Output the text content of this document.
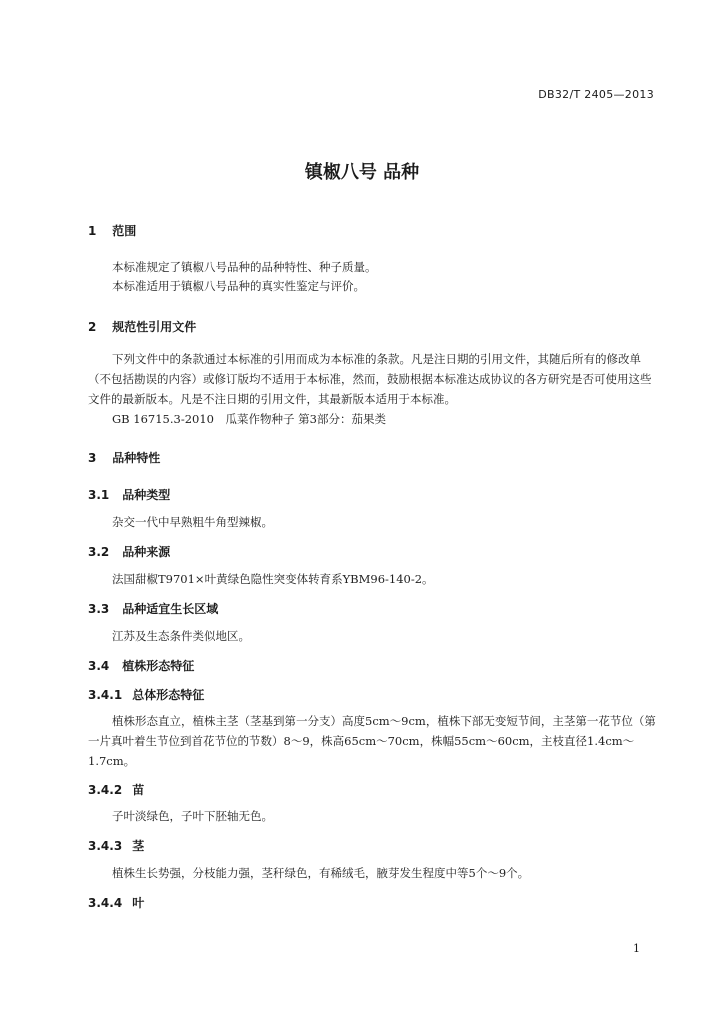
DB32/T 2405—2013
镇椒八号 品种
1 范围
本标准规定了镇椒八号品种的品种特性、种子质量。
本标准适用于镇椒八号品种的真实性鉴定与评价。
2 规范性引用文件
下列文件中的条款通过本标准的引用而成为本标准的条款。凡是注日期的引用文件，其随后所有的修改单（不包括勘误的内容）或修订版均不适用于本标准，然而，鼓励根据本标准达成协议的各方研究是否可使用这些文件的最新版本。凡是不注日期的引用文件，其最新版本适用于本标准。
GB 16715.3-2010　瓜菜作物种子 第3部分：茄果类
3 品种特性
3.1 品种类型
杂交一代中早熟粗牛角型辣椒。
3.2 品种来源
法国甜椒T9701×叶黄绿色隐性突变体转育系YBM96-140-2。
3.3 品种适宜生长区域
江苏及生态条件类似地区。
3.4 植株形态特征
3.4.1 总体形态特征
植株形态直立，植株主茎（茎基到第一分支）高度5cm～9cm，植株下部无变短节间，主茎第一花节位（第一片真叶着生节位到首花节位的节数）8～9，株高65cm～70cm，株幅55cm～60cm，主枝直径1.4cm～1.7cm。
3.4.2 苗
子叶淡绿色，子叶下胚轴无色。
3.4.3 茎
植株生长势强，分枝能力强，茎秆绿色，有稀绒毛，腋芽发生程度中等5个～9个。
3.4.4 叶
1
